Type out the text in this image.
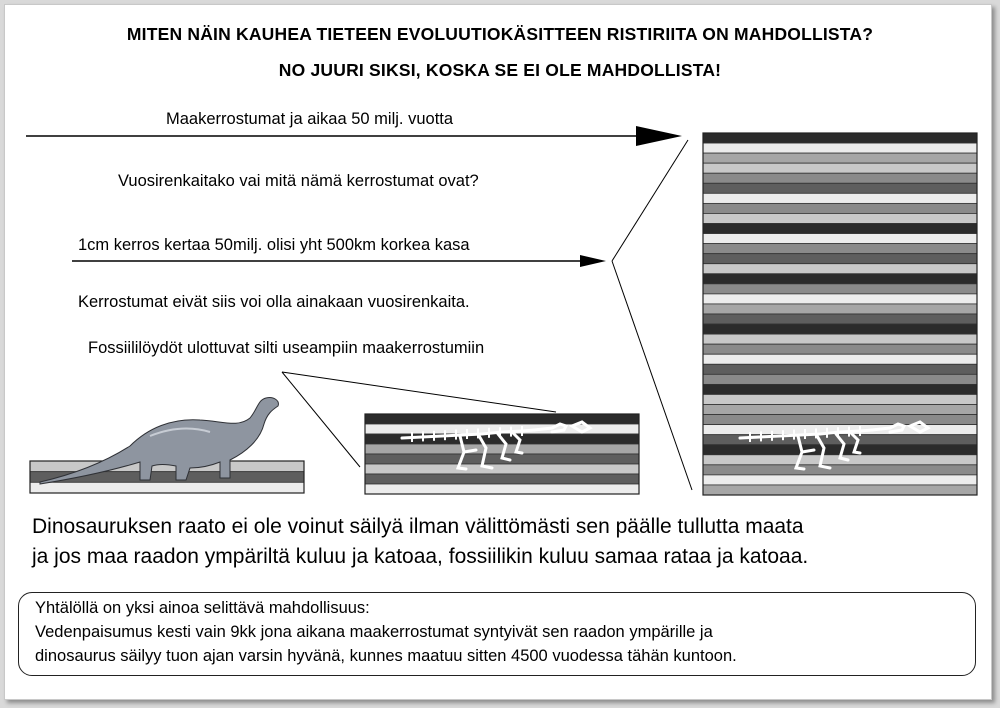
MITEN NÄIN KAUHEA TIETEEN EVOLUUTIOKÄSITTEEN RISTIRIITA ON MAHDOLLISTA?
NO JUURI SIKSI, KOSKA SE EI OLE MAHDOLLISTA!
Maakerrostumat ja aikaa 50 milj. vuotta
Vuosirenkaitako vai mitä nämä kerrostumat ovat?
1cm kerros kertaa 50milj. olisi yht 500km korkea kasa
Kerrostumat eivät siis voi olla ainakaan vuosirenkaita.
Fossiililöydöt ulottuvat silti useampiin maakerrostumiin
Dinosauruksen raato ei ole voinut säilyä ilman välittömästi sen päälle tullutta maata
ja jos maa raadon ympäriltä kuluu ja katoaa, fossiilikin kuluu samaa rataa ja katoaa.
Yhtälöllä on yksi ainoa selittävä mahdollisuus:
Vedenpaisumus kesti vain 9kk jona aikana maakerrostumat syntyivät sen raadon ympärille ja
dinosaurus säilyy tuon ajan varsin hyvänä, kunnes maatuu sitten 4500 vuodessa tähän kuntoon.
